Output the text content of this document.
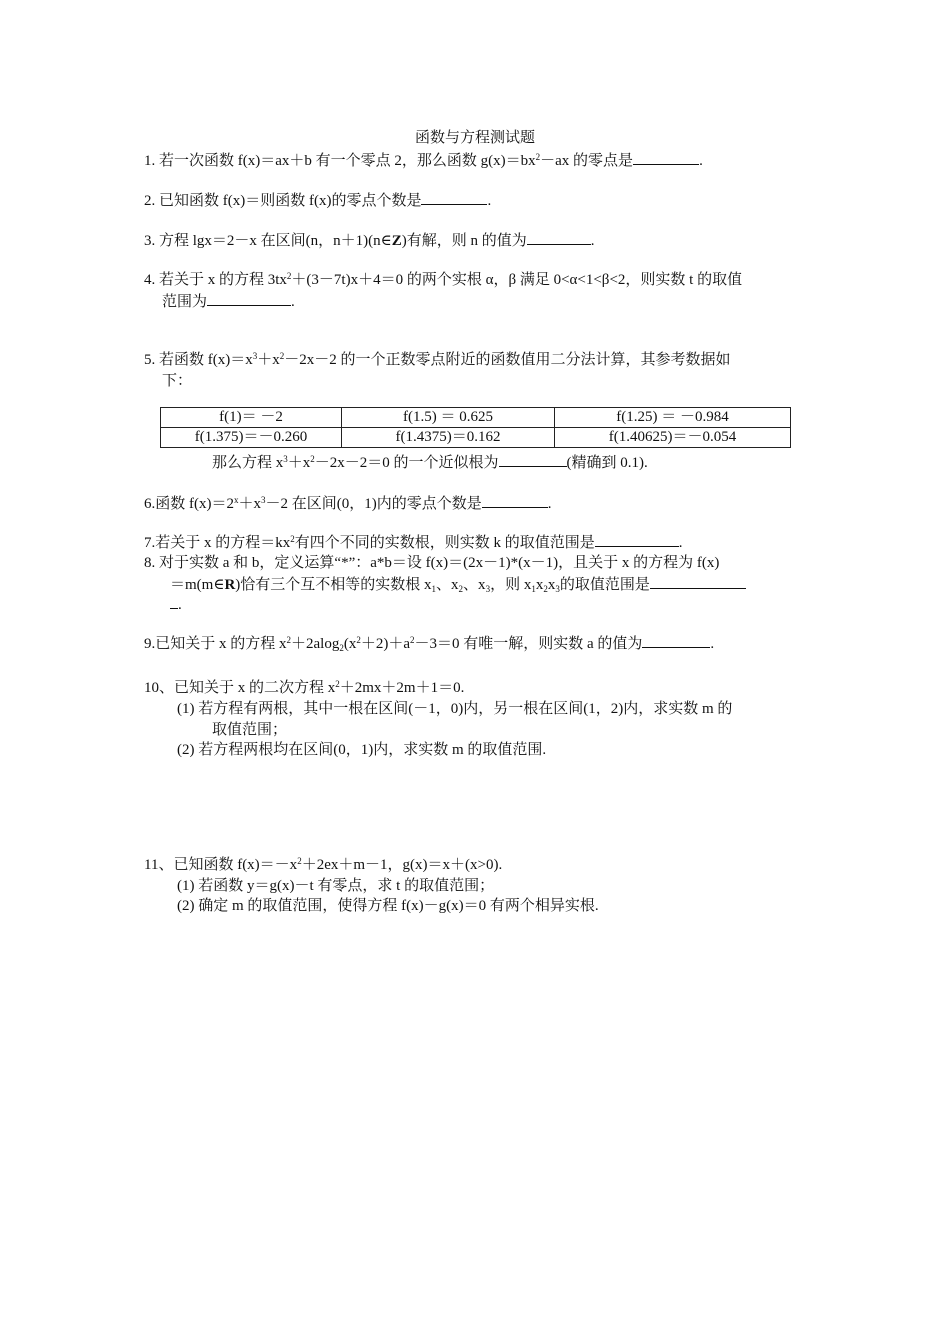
函数与方程测试题
1. 若一次函数 f(x)＝ax＋b 有一个零点 2，那么函数 $g(x)=bx^2-ax$ 的零点是	.
2. 已知函数 f(x)＝则函数 f(x)的零点个数是	.
3. 方程 lgx＝2－x 在区间(n，n＋1)(n∈Z)有解，则 n 的值为	.
4. 若关于 x 的方程 $3tx^2+(3-7t)x+4=0$ 的两个实根 α，β 满足 0<α<1<β<2，则实数 t 的取值
范围为	.
5. 若函数 $f(x)=x^3+x^2-2x-2$ 的一个正数零点附近的函数值用二分法计算，其参考数据如
下：
f(1)＝ －2	f(1.5) ＝ 0.625	f(1.25) ＝ －0.984
f(1.375)＝－0.260	f(1.4375)＝0.162	f(1.40625)＝－0.054
那么方程 $x^3+x^2-2x-2=0$ 的一个近似根为	(精确到 0.1).
6.函数 $f(x)=2^x+x^3-2$ 在区间(0，1)内的零点个数是	.
7.若关于 x 的方程$=kx^2$有四个不同的实数根，则实数 k 的取值范围是	.
8. 对于实数 a 和 b，定义运算“*”：a*b＝设 f(x)＝(2x－1)*(x－1)，且关于 x 的方程为 f(x)
＝m(m∈R)恰有三个互不相等的实数根 $x_1$、$x_2$、$x_3$，则 $x_1x_2x_3$的取值范围是
.
9.已知关于 x 的方程 $x^2+2alog_2(x^2+2)+a^2-3=0$ 有唯一解，则实数 a 的值为	.
10、已知关于 x 的二次方程 $x^2+2mx+2m+1=0$.
(1) 若方程有两根，其中一根在区间(－1，0)内，另一根在区间(1，2)内，求实数 m 的
取值范围；
(2) 若方程两根均在区间(0，1)内，求实数 m 的取值范围.
11、已知函数 $f(x)=-x^2+2ex+m-1$，g(x)＝x＋(x>0).
(1) 若函数 y＝g(x)－t 有零点，求 t 的取值范围；
(2) 确定 m 的取值范围，使得方程 f(x)－g(x)＝0 有两个相异实根.
